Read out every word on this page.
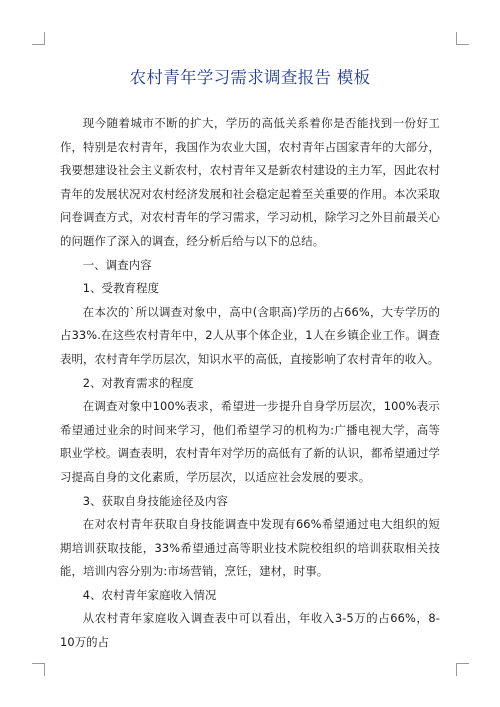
农村青年学习需求调查报告 模板

现今随着城市不断的扩大，学历的高低关系着你是否能找到一份好工作，特别是农村青年，我国作为农业大国，农村青年占国家青年的大部分，我要想建设社会主义新农村，农村青年又是新农村建设的主力军，因此农村青年的发展状况对农村经济发展和社会稳定起着至关重要的作用。本次采取问卷调查方式，对农村青年的学习需求，学习动机，除学习之外目前最关心的问题作了深入的调查，经分析后给与以下的总结。

一、调查内容

1、受教育程度

在本次的`所以调查对象中，高中(含职高)学历的占66%，大专学历的占33%.在这些农村青年中，2人从事个体企业，1人在乡镇企业工作。调查表明，农村青年学历层次，知识水平的高低，直接影响了农村青年的收入。

2、对教育需求的程度

在调查对象中100%表求，希望进一步提升自身学历层次，100%表示希望通过业余的时间来学习，他们希望学习的机构为:广播电视大学，高等职业学校。调查表明，农村青年对学历的高低有了新的认识，都希望通过学习提高自身的文化素质，学历层次，以适应社会发展的要求。

3、获取自身技能途径及内容

在对农村青年获取自身技能调查中发现有66%希望通过电大组织的短期培训获取技能，33%希望通过高等职业技术院校组织的培训获取相关技能，培训内容分别为:市场营销，烹饪，建材，时事。

4、农村青年家庭收入情况

从农村青年家庭收入调查表中可以看出，年收入3-5万的占66%，8-10万的占
